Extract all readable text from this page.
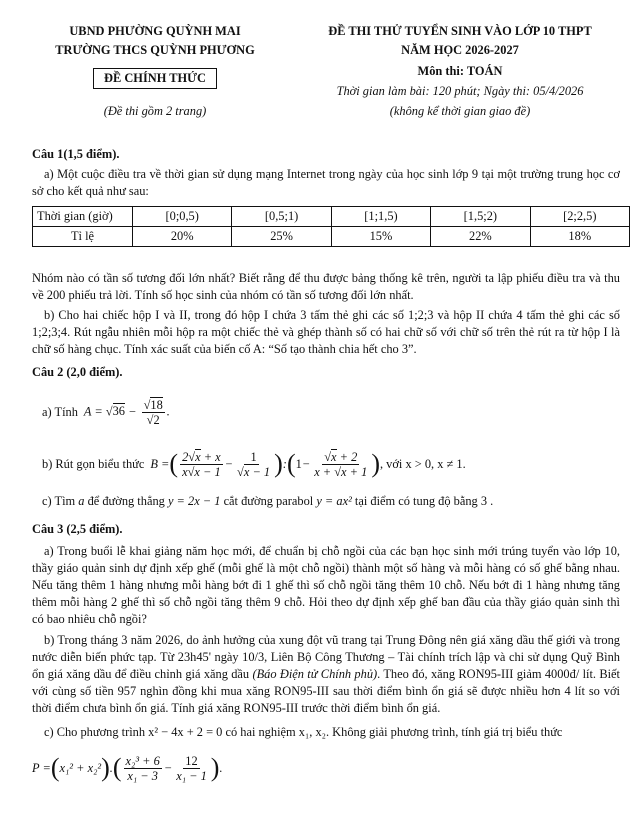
UBND PHƯỜNG QUỲNH MAI
TRƯỜNG THCS QUỲNH PHƯƠNG
ĐỀ CHÍNH THỨC
(Đề thi gồm 2 trang)
ĐỀ THI THỬ TUYỂN SINH VÀO LỚP 10 THPT
NĂM HỌC 2026-2027
Môn thi: TOÁN
Thời gian làm bài: 120 phút; Ngày thi: 05/4/2026
(không kể thời gian giao đề)
Câu 1(1,5 điểm).

a) Một cuộc điều tra về thời gian sử dụng mạng Internet trong ngày của học sinh lớp 9 tại một trường trung học cơ sở cho kết quả như sau:

Thời gian (giờ)	[0;0,5)	[0,5;1)	[1;1,5)	[1,5;2)	[2;2,5)
Tỉ lệ	20%	25%	15%	22%	18%

Nhóm nào có tần số tương đối lớn nhất? Biết rằng để thu được bảng thống kê trên, người ta lập phiếu điều tra và thu về 200 phiếu trả lời. Tính số học sinh của nhóm có tần số tương đối lớn nhất.

b) Cho hai chiếc hộp I và II, trong đó hộp I chứa 3 tấm thẻ ghi các số 1;2;3 và hộp II chứa 4 tấm thẻ ghi các số 1;2;3;4. Rút ngẫu nhiên mỗi hộp ra một chiếc thẻ và ghép thành số có hai chữ số với chữ số trên thẻ rút ra từ hộp I là chữ số hàng chục. Tính xác suất của biến cố A: “Số tạo thành chia hết cho 3”.

Câu 2 (2,0 điểm).
a) Tính $A = √36 - \frac{√18}{√2}$ .
b) Rút gọn biểu thức B = ( $\frac{2√x + x}{x√x - 1} - \frac{1}{√x - 1}$ ) : ( $1 - \frac{√x + 2}{x + √x + 1}$ ) , với x > 0, x ≠ 1.
c) Tìm a để đường thẳng y = 2x − 1 cắt đường parabol y = ax² tại điểm có tung độ bằng 3 .
Câu 3 (2,5 điểm).

a) Trong buổi lễ khai giảng năm học mới, để chuẩn bị chỗ ngồi của các bạn học sinh mới trúng tuyển vào lớp 10, thầy giáo quản sinh dự định xếp ghế (mỗi ghế là một chỗ ngồi) thành một số hàng và mỗi hàng có số ghế bằng nhau. Nếu tăng thêm 1 hàng nhưng mỗi hàng bớt đi 1 ghế thì số chỗ ngồi tăng thêm 10 chỗ. Nếu bớt đi 1 hàng nhưng tăng thêm mỗi hàng 2 ghế thì số chỗ ngồi tăng thêm 9 chỗ. Hỏi theo dự định xếp ghế ban đầu của thầy giáo quản sinh thì có bao nhiêu chỗ ngồi?

b) Trong tháng 3 năm 2026, do ảnh hưởng của xung đột vũ trang tại Trung Đông nên giá xăng dầu thế giới và trong nước diễn biến phức tạp. Từ 23h45' ngày 10/3, Liên Bộ Công Thương – Tài chính trích lập và chi sử dụng Quỹ Bình ổn giá xăng dầu để điều chỉnh giá xăng dầu (Báo Điện tử Chính phủ). Theo đó, xăng RON95-III giảm 4000đ/ lít. Biết với cùng số tiền 957 nghìn đồng khi mua xăng RON95-III sau thời điểm bình ổn giá sẽ được nhiều hơn 4 lít so với thời điểm chưa bình ổn giá. Tính giá xăng RON95-III trước thời điểm bình ổn giá.

c) Cho phương trình x² − 4x + 2 = 0 có hai nghiệm x₁, x₂. Không giải phương trình, tính giá trị biểu thức

P = ( x₁² + x₂² ) . ( $\frac{\text{x₂³ + 6}}{\text{x₁ − 3}} - \frac{12}{\text{x₁ − 1}}$ ) .
